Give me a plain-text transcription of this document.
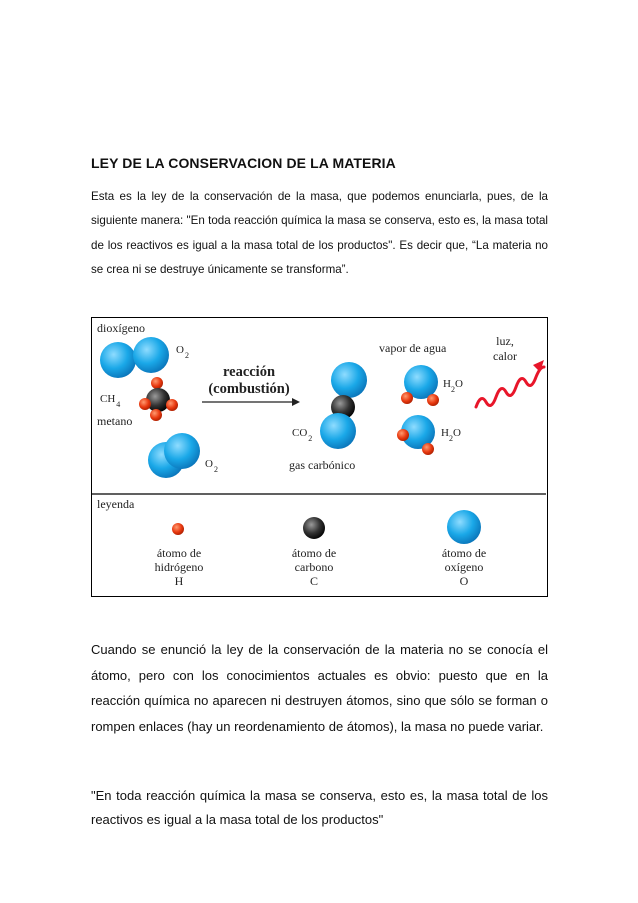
LEY DE LA CONSERVACION DE LA MATERIA
Esta es la ley de la conservación de la masa, que podemos enunciarla, pues, de la siguiente manera: "En toda reacción química la masa se conserva, esto es, la masa total de los reactivos es igual a la masa total de los productos". Es decir que, “La materia no se crea ni se destruye únicamente se transforma”.
dioxígeno
$O_2$
$CH_4$
metano
$O_2$
reacción
(combustión)
$CO_2$
gas carbónico
vapor de agua
$H_2O$
$H_2O$
luz,
calor
leyenda
átomo de
hidrógeno
H
átomo de
carbono
C
átomo de
oxígeno
O
Cuando se enunció la ley de la conservación de la materia no se conocía el átomo, pero con los conocimientos actuales es obvio: puesto que en la reacción química no aparecen ni destruyen átomos, sino que sólo se forman o rompen enlaces (hay un reordenamiento de átomos), la masa no puede variar.
"En toda reacción química la masa se conserva, esto es, la masa total de los reactivos es igual a la masa total de los productos"
